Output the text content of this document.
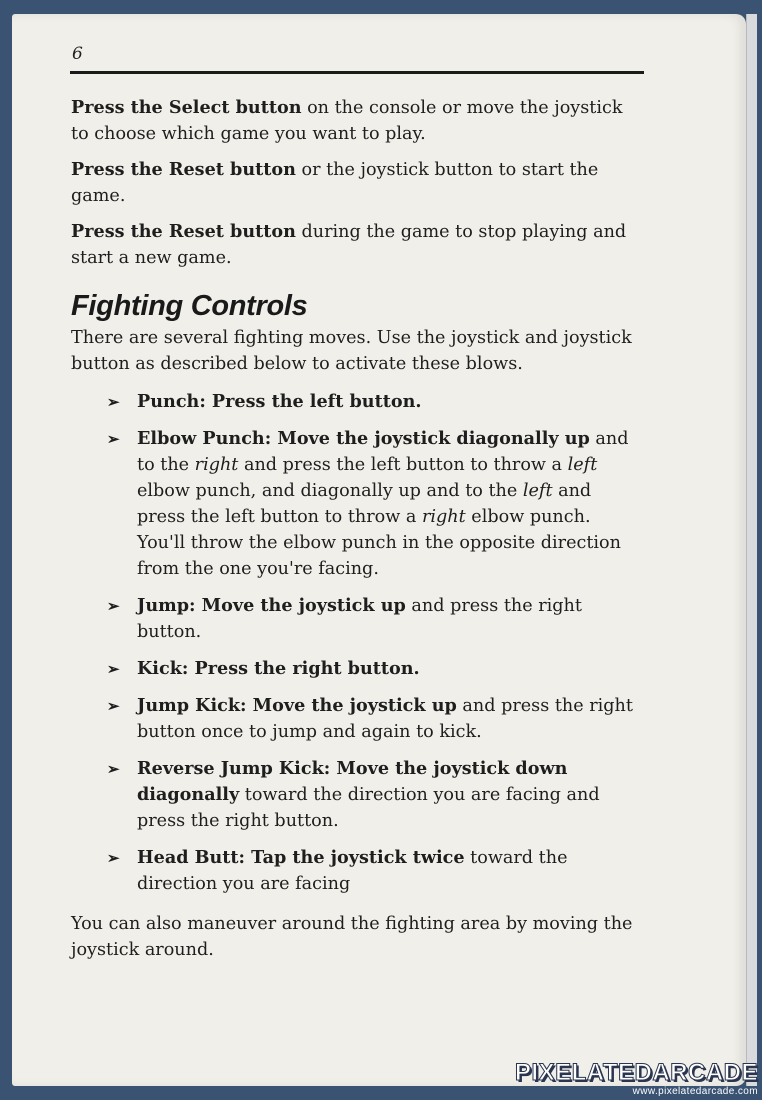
6

Press the Select button on the console or move the joystick to choose which game you want to play.

Press the Reset button or the joystick button to start the game.

Press the Reset button during the game to stop playing and start a new game.

Fighting Controls

There are several fighting moves. Use the joystick and joystick button as described below to activate these blows.

➢ Punch: Press the left button.
➢ Elbow Punch: Move the joystick diagonally up and to the right and press the left button to throw a left elbow punch, and diagonally up and to the left and press the left button to throw a right elbow punch. You'll throw the elbow punch in the opposite direction from the one you're facing.
➢ Jump: Move the joystick up and press the right button.
➢ Kick: Press the right button.
➢ Jump Kick: Move the joystick up and press the right button once to jump and again to kick.
➢ Reverse Jump Kick: Move the joystick down diagonally toward the direction you are facing and press the right button.
➢ Head Butt: Tap the joystick twice toward the direction you are facing

You can also maneuver around the fighting area by moving the joystick around.

PIXELATEDARCADE
www.pixelatedarcade.com
